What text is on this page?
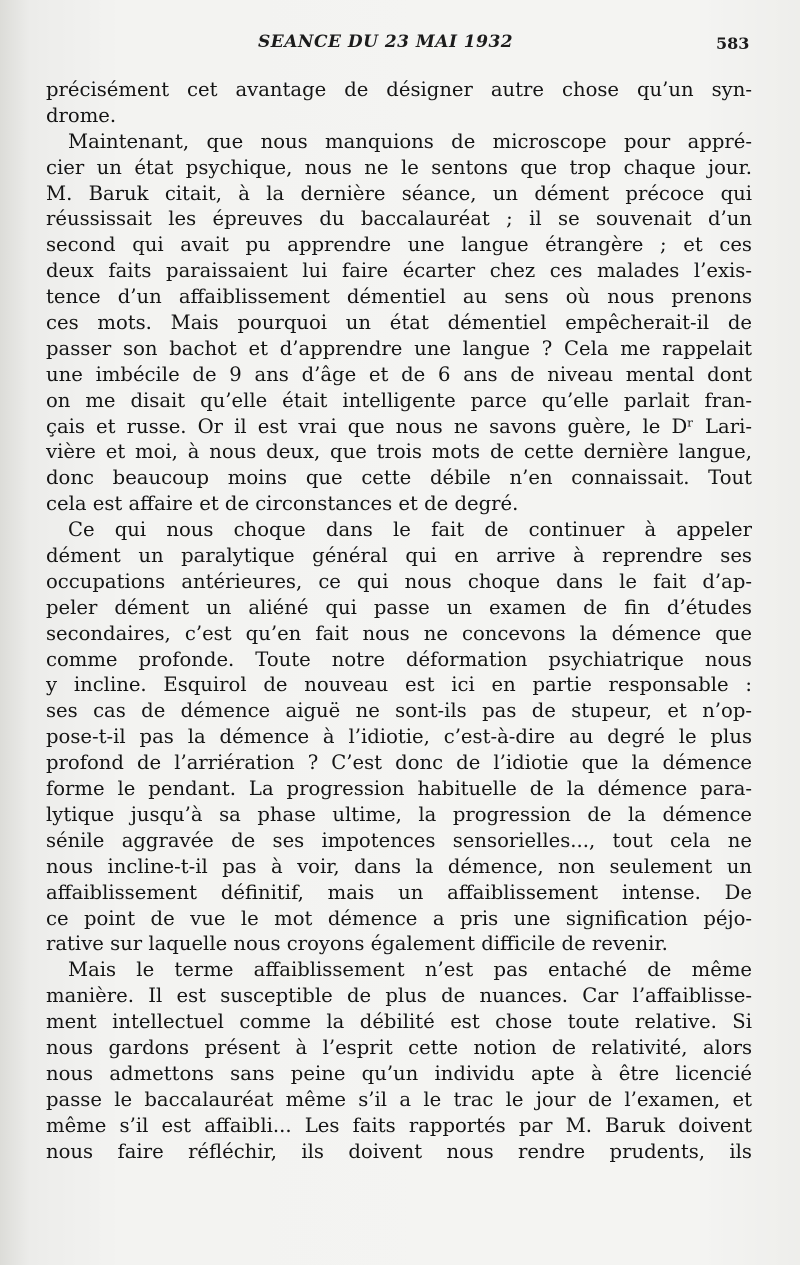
SEANCE DU 23 MAI 1932	583

précisément cet avantage de désigner autre chose qu’un syn-
drome.

Maintenant, que nous manquions de microscope pour appré-
cier un état psychique, nous ne le sentons que trop chaque jour.
M. Baruk citait, à la dernière séance, un dément précoce qui
réussissait les épreuves du baccalauréat ; il se souvenait d’un
second qui avait pu apprendre une langue étrangère ; et ces
deux faits paraissaient lui faire écarter chez ces malades l’exis-
tence d’un affaiblissement démentiel au sens où nous prenons
ces mots. Mais pourquoi un état démentiel empêcherait-il de
passer son bachot et d’apprendre une langue ? Cela me rappelait
une imbécile de 9 ans d’âge et de 6 ans de niveau mental dont
on me disait qu’elle était intelligente parce qu’elle parlait fran-
çais et russe. Or il est vrai que nous ne savons guère, le Dʳ Lari-
vière et moi, à nous deux, que trois mots de cette dernière langue,
donc beaucoup moins que cette débile n’en connaissait. Tout
cela est affaire et de circonstances et de degré.

Ce qui nous choque dans le fait de continuer à appeler
dément un paralytique général qui en arrive à reprendre ses
occupations antérieures, ce qui nous choque dans le fait d’ap-
peler dément un aliéné qui passe un examen de fin d’études
secondaires, c’est qu’en fait nous ne concevons la démence que
comme profonde. Toute notre déformation psychiatrique nous
y incline. Esquirol de nouveau est ici en partie responsable :
ses cas de démence aiguë ne sont-ils pas de stupeur, et n’op-
pose-t-il pas la démence à l’idiotie, c’est-à-dire au degré le plus
profond de l’arriération ? C’est donc de l’idiotie que la démence
forme le pendant. La progression habituelle de la démence para-
lytique jusqu’à sa phase ultime, la progression de la démence
sénile aggravée de ses impotences sensorielles..., tout cela ne
nous incline-t-il pas à voir, dans la démence, non seulement un
affaiblissement définitif, mais un affaiblissement intense. De
ce point de vue le mot démence a pris une signification péjo-
rative sur laquelle nous croyons également difficile de revenir.

Mais le terme affaiblissement n’est pas entaché de même
manière. Il est susceptible de plus de nuances. Car l’affaiblisse-
ment intellectuel comme la débilité est chose toute relative. Si
nous gardons présent à l’esprit cette notion de relativité, alors
nous admettons sans peine qu’un individu apte à être licencié
passe le baccalauréat même s’il a le trac le jour de l’examen, et
même s’il est affaibli... Les faits rapportés par M. Baruk doivent
nous faire réfléchir, ils doivent nous rendre prudents, ils
